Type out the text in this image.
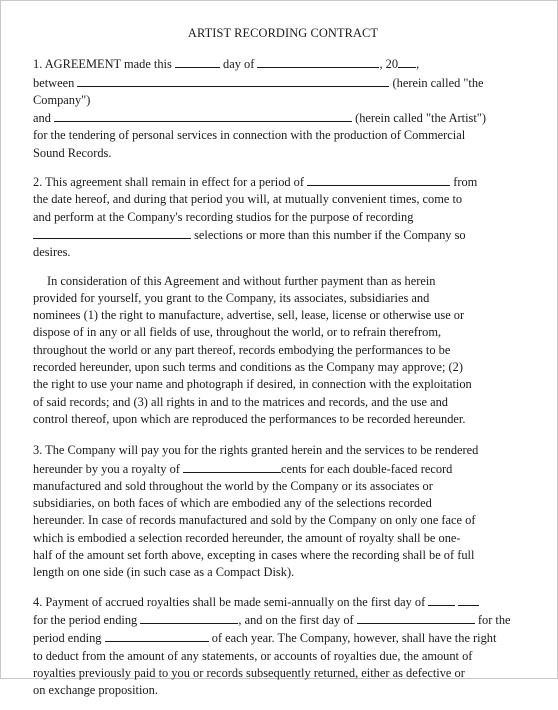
ARTIST RECORDING CONTRACT

1. AGREEMENT made this	day of	, 20 ,
between	(herein called "the
Company")
and	(herein called "the Artist")
for the tendering of personal services in connection with the production of Commercial
Sound Records.

2. This agreement shall remain in effect for a period of	from
the date hereof, and during that period you will, at mutually convenient times, come to
and perform at the Company's recording studios for the purpose of recording
selections or more than this number if the Company so
desires.

In consideration of this Agreement and without further payment than as herein
provided for yourself, you grant to the Company, its associates, subsidiaries and
nominees (1) the right to manufacture, advertise, sell, lease, license or otherwise use or
dispose of in any or all fields of use, throughout the world, or to refrain therefrom,
throughout the world or any part thereof, records embodying the performances to be
recorded hereunder, upon such terms and conditions as the Company may approve; (2)
the right to use your name and photograph if desired, in connection with the exploitation
of said records; and (3) all rights in and to the matrices and records, and the use and
control thereof, upon which are reproduced the performances to be recorded hereunder.

3. The Company will pay you for the rights granted herein and the services to be rendered
hereunder by you a royalty of	cents for each double-faced record
manufactured and sold throughout the world by the Company or its associates or
subsidiaries, on both faces of which are embodied any of the selections recorded
hereunder. In case of records manufactured and sold by the Company on only one face of
which is embodied a selection recorded hereunder, the amount of royalty shall be one-
half of the amount set forth above, excepting in cases where the recording shall be of full
length on one side (in such case as a Compact Disk).

4. Payment of accrued royalties shall be made semi-annually on the first day of
for the period ending	, and on the first day of	for the
period ending	of each year. The Company, however, shall have the right
to deduct from the amount of any statements, or accounts of royalties due, the amount of
royalties previously paid to you or records subsequently returned, either as defective or
on exchange proposition.
